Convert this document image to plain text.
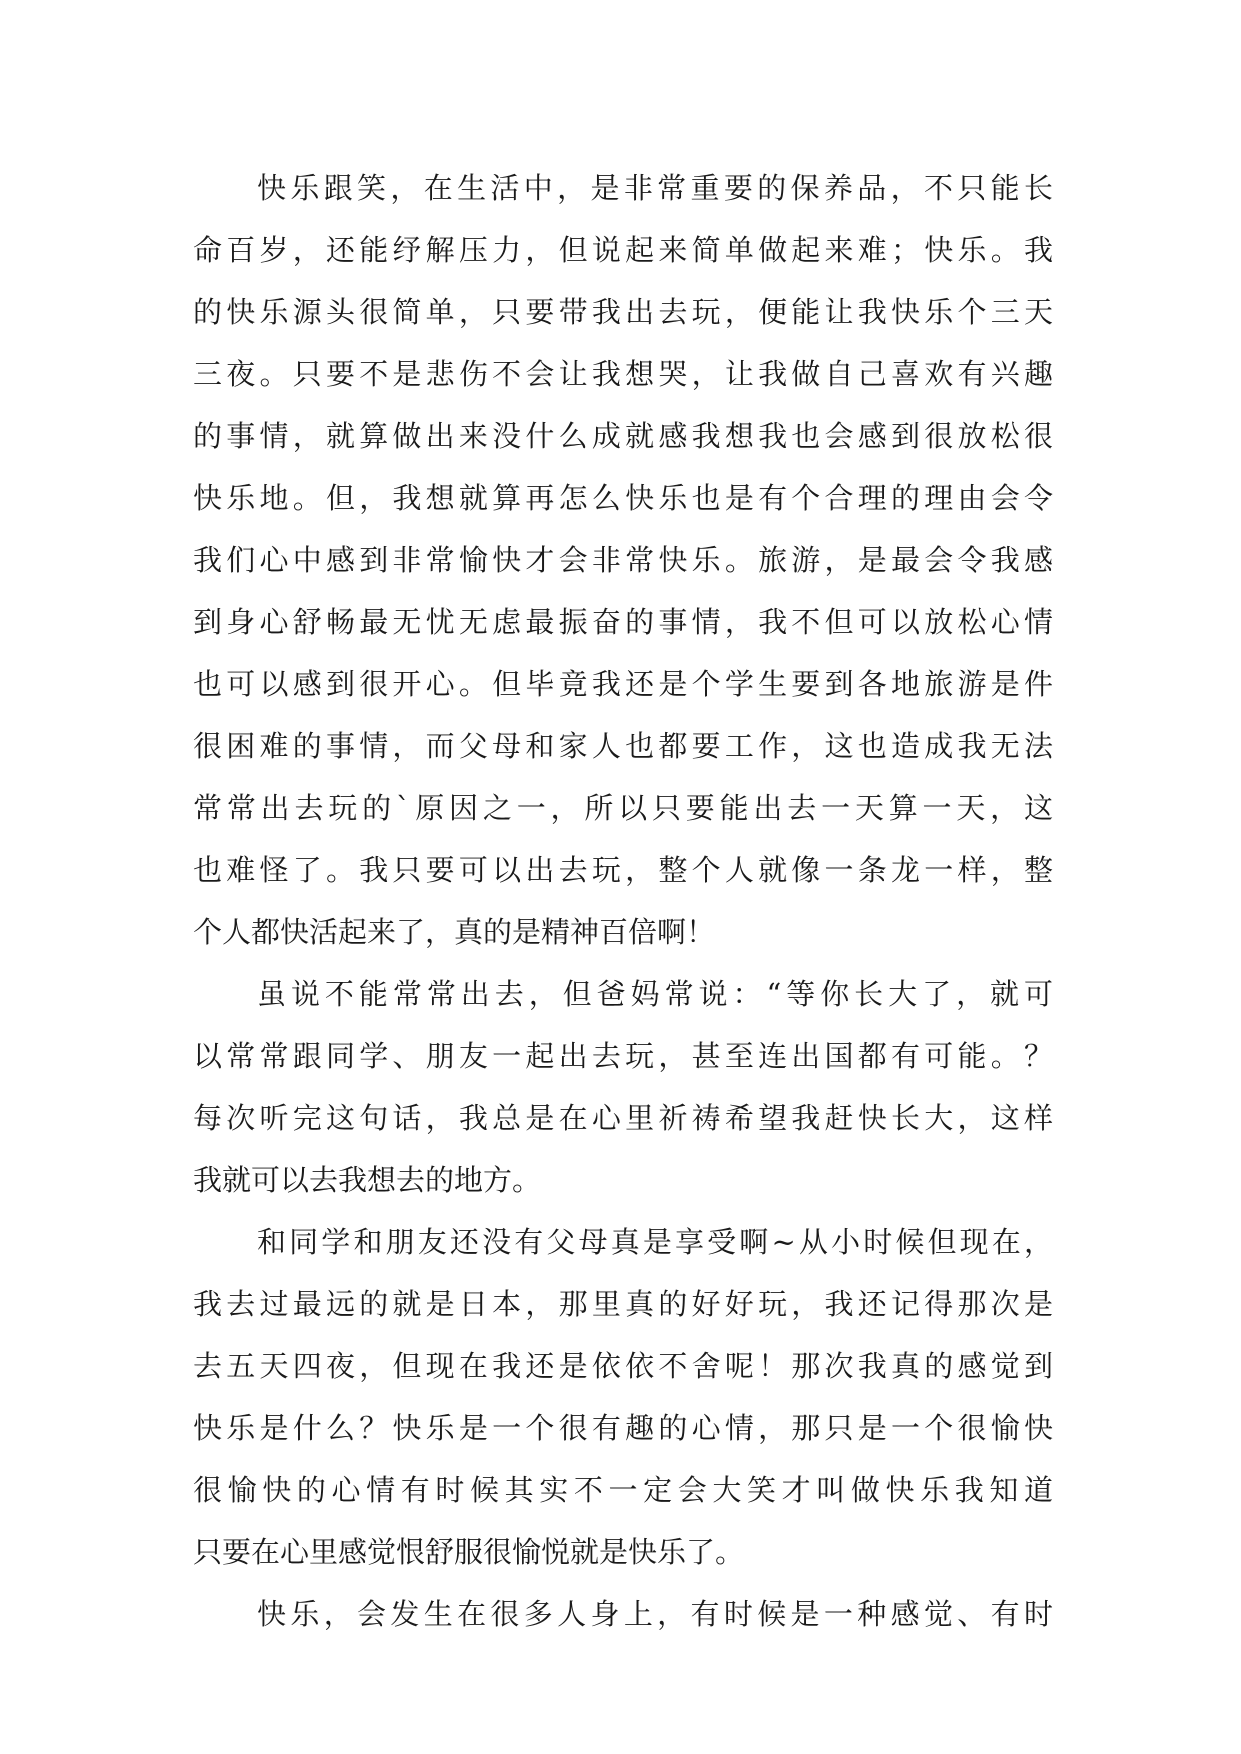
快乐跟笑，在生活中，是非常重要的保养品，不只能长
命百岁，还能纾解压力，但说起来简单做起来难；快乐。我
的快乐源头很简单，只要带我出去玩，便能让我快乐个三天
三夜。只要不是悲伤不会让我想哭，让我做自己喜欢有兴趣
的事情，就算做出来没什么成就感我想我也会感到很放松很
快乐地。但，我想就算再怎么快乐也是有个合理的理由会令
我们心中感到非常愉快才会非常快乐。旅游，是最会令我感
到身心舒畅最无忧无虑最振奋的事情，我不但可以放松心情
也可以感到很开心。但毕竟我还是个学生要到各地旅游是件
很困难的事情，而父母和家人也都要工作，这也造成我无法
常常出去玩的`原因之一，所以只要能出去一天算一天，这
也难怪了。我只要可以出去玩，整个人就像一条龙一样，整
个人都快活起来了，真的是精神百倍啊！
虽说不能常常出去，但爸妈常说：“等你长大了，就可
以常常跟同学、朋友一起出去玩，甚至连出国都有可能。？
每次听完这句话，我总是在心里祈祷希望我赶快长大，这样
我就可以去我想去的地方。
和同学和朋友还没有父母真是享受啊~从小时候但现在，
我去过最远的就是日本，那里真的好好玩，我还记得那次是
去五天四夜，但现在我还是依依不舍呢！那次我真的感觉到
快乐是什么？快乐是一个很有趣的心情，那只是一个很愉快
很愉快的心情有时候其实不一定会大笑才叫做快乐我知道
只要在心里感觉恨舒服很愉悦就是快乐了。
快乐，会发生在很多人身上，有时候是一种感觉、有时
